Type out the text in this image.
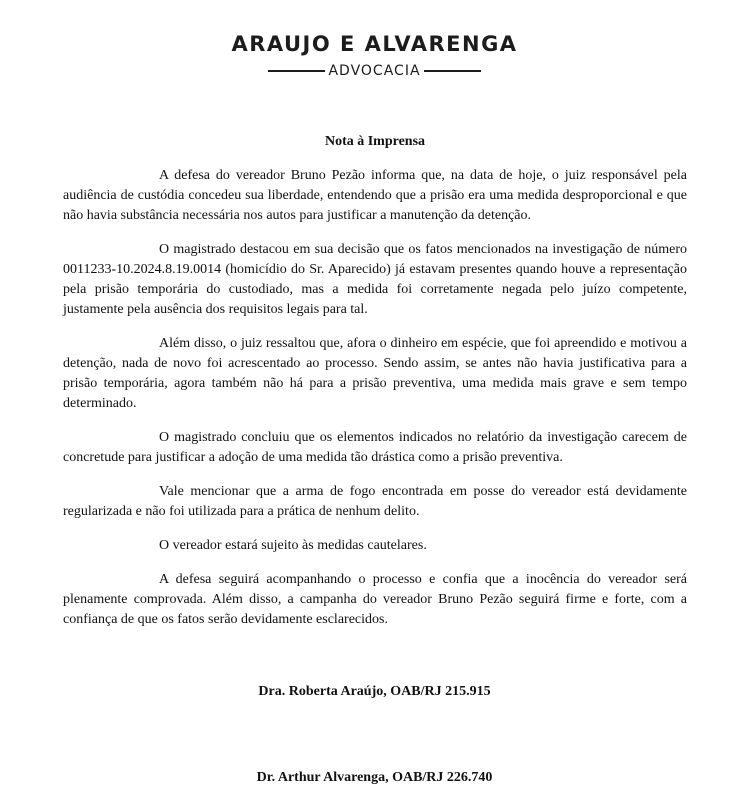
ARAUJO E ALVARENGA
ADVOCACIA

Nota à Imprensa

A defesa do vereador Bruno Pezão informa que, na data de hoje, o juiz responsável pela audiência de custódia concedeu sua liberdade, entendendo que a prisão era uma medida desproporcional e que não havia substância necessária nos autos para justificar a manutenção da detenção.

O magistrado destacou em sua decisão que os fatos mencionados na investigação de número 0011233-10.2024.8.19.0014 (homicídio do Sr. Aparecido) já estavam presentes quando houve a representação pela prisão temporária do custodiado, mas a medida foi corretamente negada pelo juízo competente, justamente pela ausência dos requisitos legais para tal.

Além disso, o juiz ressaltou que, afora o dinheiro em espécie, que foi apreendido e motivou a detenção, nada de novo foi acrescentado ao processo. Sendo assim, se antes não havia justificativa para a prisão temporária, agora também não há para a prisão preventiva, uma medida mais grave e sem tempo determinado.

O magistrado concluiu que os elementos indicados no relatório da investigação carecem de concretude para justificar a adoção de uma medida tão drástica como a prisão preventiva.

Vale mencionar que a arma de fogo encontrada em posse do vereador está devidamente regularizada e não foi utilizada para a prática de nenhum delito.

O vereador estará sujeito às medidas cautelares.

A defesa seguirá acompanhando o processo e confia que a inocência do vereador será plenamente comprovada. Além disso, a campanha do vereador Bruno Pezão seguirá firme e forte, com a confiança de que os fatos serão devidamente esclarecidos.

Dra. Roberta Araújo, OAB/RJ 215.915

Dr. Arthur Alvarenga, OAB/RJ 226.740
